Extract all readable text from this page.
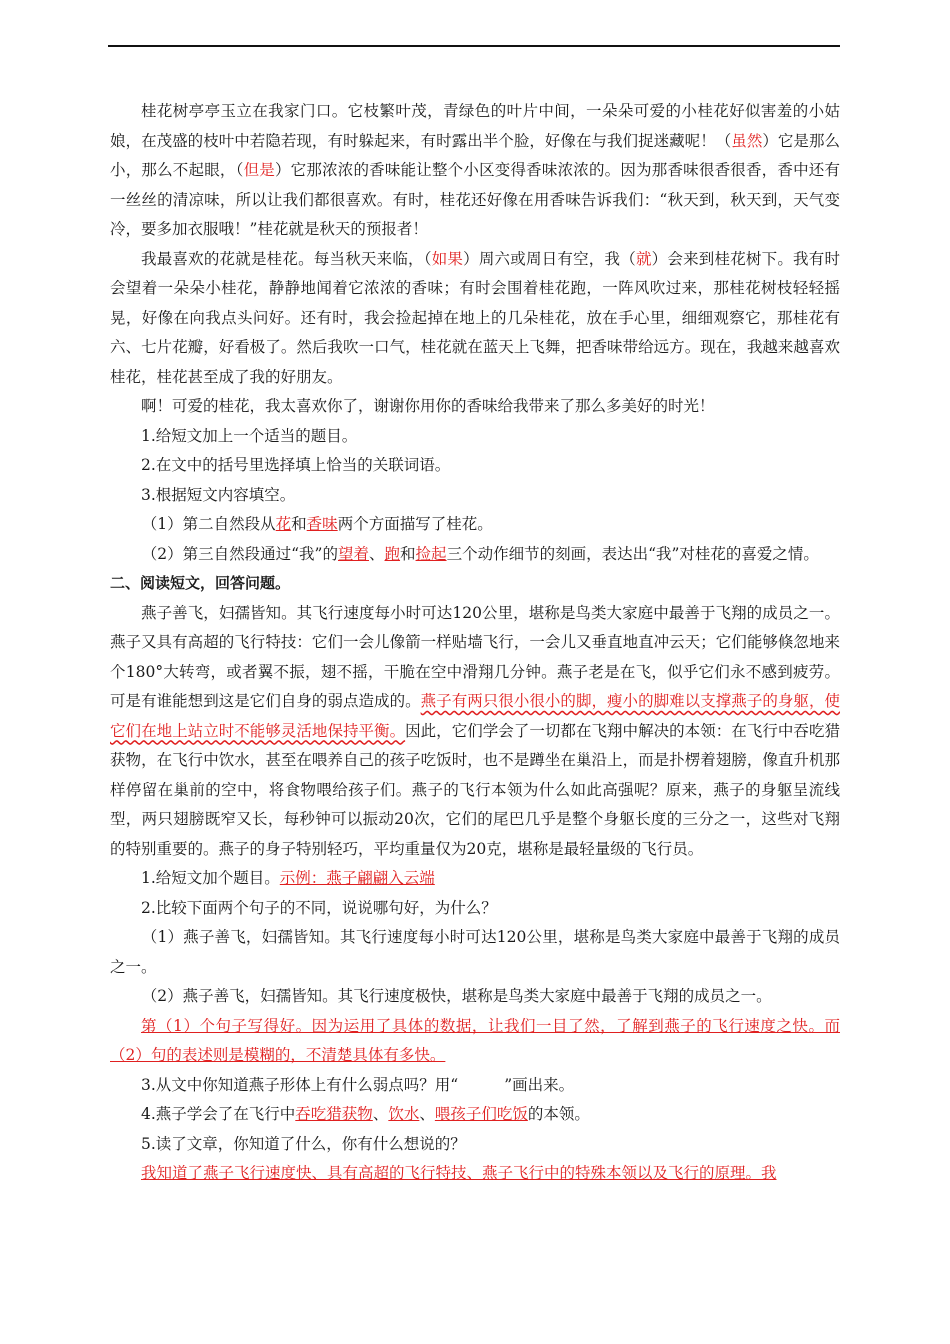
桂花树亭亭玉立在我家门口。它枝繁叶茂，青绿色的叶片中间，一朵朵可爱的小桂花好似害羞的小姑娘，在茂盛的枝叶中若隐若现，有时躲起来，有时露出半个脸，好像在与我们捉迷藏呢！（虽然）它是那么小，那么不起眼，（但是）它那浓浓的香味能让整个小区变得香味浓浓的。因为那香味很香很香，香中还有一丝丝的清凉味，所以让我们都很喜欢。有时，桂花还好像在用香味告诉我们：“秋天到，秋天到，天气变冷，要多加衣服哦！”桂花就是秋天的预报者！

我最喜欢的花就是桂花。每当秋天来临，（如果）周六或周日有空，我（就）会来到桂花树下。我有时会望着一朵朵小桂花，静静地闻着它浓浓的香味；有时会围着桂花跑，一阵风吹过来，那桂花树枝轻轻摇晃，好像在向我点头问好。还有时，我会捡起掉在地上的几朵桂花，放在手心里，细细观察它，那桂花有六、七片花瓣，好看极了。然后我吹一口气，桂花就在蓝天上飞舞，把香味带给远方。现在，我越来越喜欢桂花，桂花甚至成了我的好朋友。

啊！可爱的桂花，我太喜欢你了，谢谢你用你的香味给我带来了那么多美好的时光！

1.给短文加上一个适当的题目。

2.在文中的括号里选择填上恰当的关联词语。

3.根据短文内容填空。

（1）第二自然段从花和香味两个方面描写了桂花。

（2）第三自然段通过“我”的望着、跑和捡起三个动作细节的刻画，表达出“我”对桂花的喜爱之情。

二、阅读短文，回答问题。

燕子善飞，妇孺皆知。其飞行速度每小时可达120公里，堪称是鸟类大家庭中最善于飞翔的成员之一。燕子又具有高超的飞行特技：它们一会儿像箭一样贴墙飞行，一会儿又垂直地直冲云天；它们能够倏忽地来个180°大转弯，或者翼不振，翅不摇，干脆在空中滑翔几分钟。燕子老是在飞，似乎它们永不感到疲劳。可是有谁能想到这是它们自身的弱点造成的。燕子有两只很小很小的脚，瘦小的脚难以支撑燕子的身躯，使它们在地上站立时不能够灵活地保持平衡。因此，它们学会了一切都在飞翔中解决的本领：在飞行中吞吃猎获物，在飞行中饮水，甚至在喂养自己的孩子吃饭时，也不是蹲坐在巢沿上，而是扑楞着翅膀，像直升机那样停留在巢前的空中，将食物喂给孩子们。燕子的飞行本领为什么如此高强呢？原来，燕子的身躯呈流线型，两只翅膀既窄又长，每秒钟可以振动20次，它们的尾巴几乎是整个身躯长度的三分之一，这些对飞翔的特别重要的。燕子的身子特别轻巧，平均重量仅为20克，堪称是最轻量级的飞行员。

1.给短文加个题目。示例：燕子翩翩入云端

2.比较下面两个句子的不同，说说哪句好，为什么？

（1）燕子善飞，妇孺皆知。其飞行速度每小时可达120公里，堪称是鸟类大家庭中最善于飞翔的成员之一。

（2）燕子善飞，妇孺皆知。其飞行速度极快，堪称是鸟类大家庭中最善于飞翔的成员之一。

第（1）个句子写得好。因为运用了具体的数据，让我们一目了然，了解到燕子的飞行速度之快。而（2）句的表述则是模糊的，不清楚具体有多快。

3.从文中你知道燕子形体上有什么弱点吗？用“	”画出来。

4.燕子学会了在飞行中吞吃猎获物、饮水、喂孩子们吃饭的本领。

5.读了文章，你知道了什么，你有什么想说的？

我知道了燕子飞行速度快、具有高超的飞行特技、燕子飞行中的特殊本领以及飞行的原理。我
